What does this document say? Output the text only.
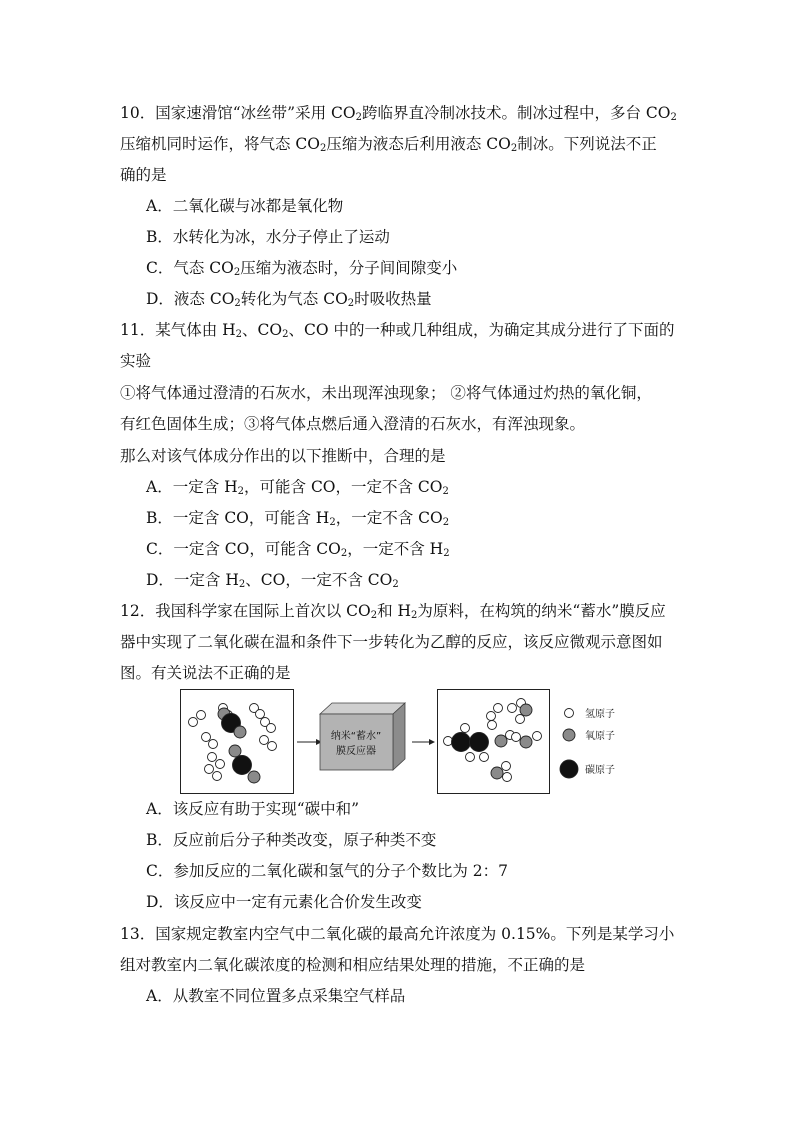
10．国家速滑馆“冰丝带”采用 $CO_2$跨临界直冷制冰技术。制冰过程中，多台 $CO_2$
压缩机同时运作，将气态 $CO_2$压缩为液态后利用液态 $CO_2$制冰。下列说法不正
确的是
A．二氧化碳与冰都是氧化物
B．水转化为冰，水分子停止了运动
C．气态 $CO_2$压缩为液态时，分子间间隙变小
D．液态 $CO_2$转化为气态 $CO_2$时吸收热量
11．某气体由 $H_2$、$CO_2$、CO 中的一种或几种组成，为确定其成分进行了下面的
实验
①将气体通过澄清的石灰水，未出现浑浊现象； ②将气体通过灼热的氧化铜，
有红色固体生成；③将气体点燃后通入澄清的石灰水，有浑浊现象。
那么对该气体成分作出的以下推断中，合理的是
A．一定含 $H_2$，可能含 CO，一定不含 $CO_2$
B．一定含 CO，可能含 $H_2$，一定不含 $CO_2$
C．一定含 CO，可能含 $CO_2$，一定不含 $H_2$
D．一定含 $H_2$、CO，一定不含 $CO_2$
12．我国科学家在国际上首次以 $CO_2$和 $H_2$为原料，在构筑的纳米“蓄水”膜反应
器中实现了二氧化碳在温和条件下一步转化为乙醇的反应，该反应微观示意图如
图。有关说法不正确的是
纳米“蓄水”
膜反应器
氢原子
氧原子
碳原子
A．该反应有助于实现“碳中和”
B．反应前后分子种类改变，原子种类不变
C．参加反应的二氧化碳和氢气的分子个数比为 2：7
D．该反应中一定有元素化合价发生改变
13．国家规定教室内空气中二氧化碳的最高允许浓度为 0.15%。下列是某学习小
组对教室内二氧化碳浓度的检测和相应结果处理的措施，不正确的是
A．从教室不同位置多点采集空气样品
